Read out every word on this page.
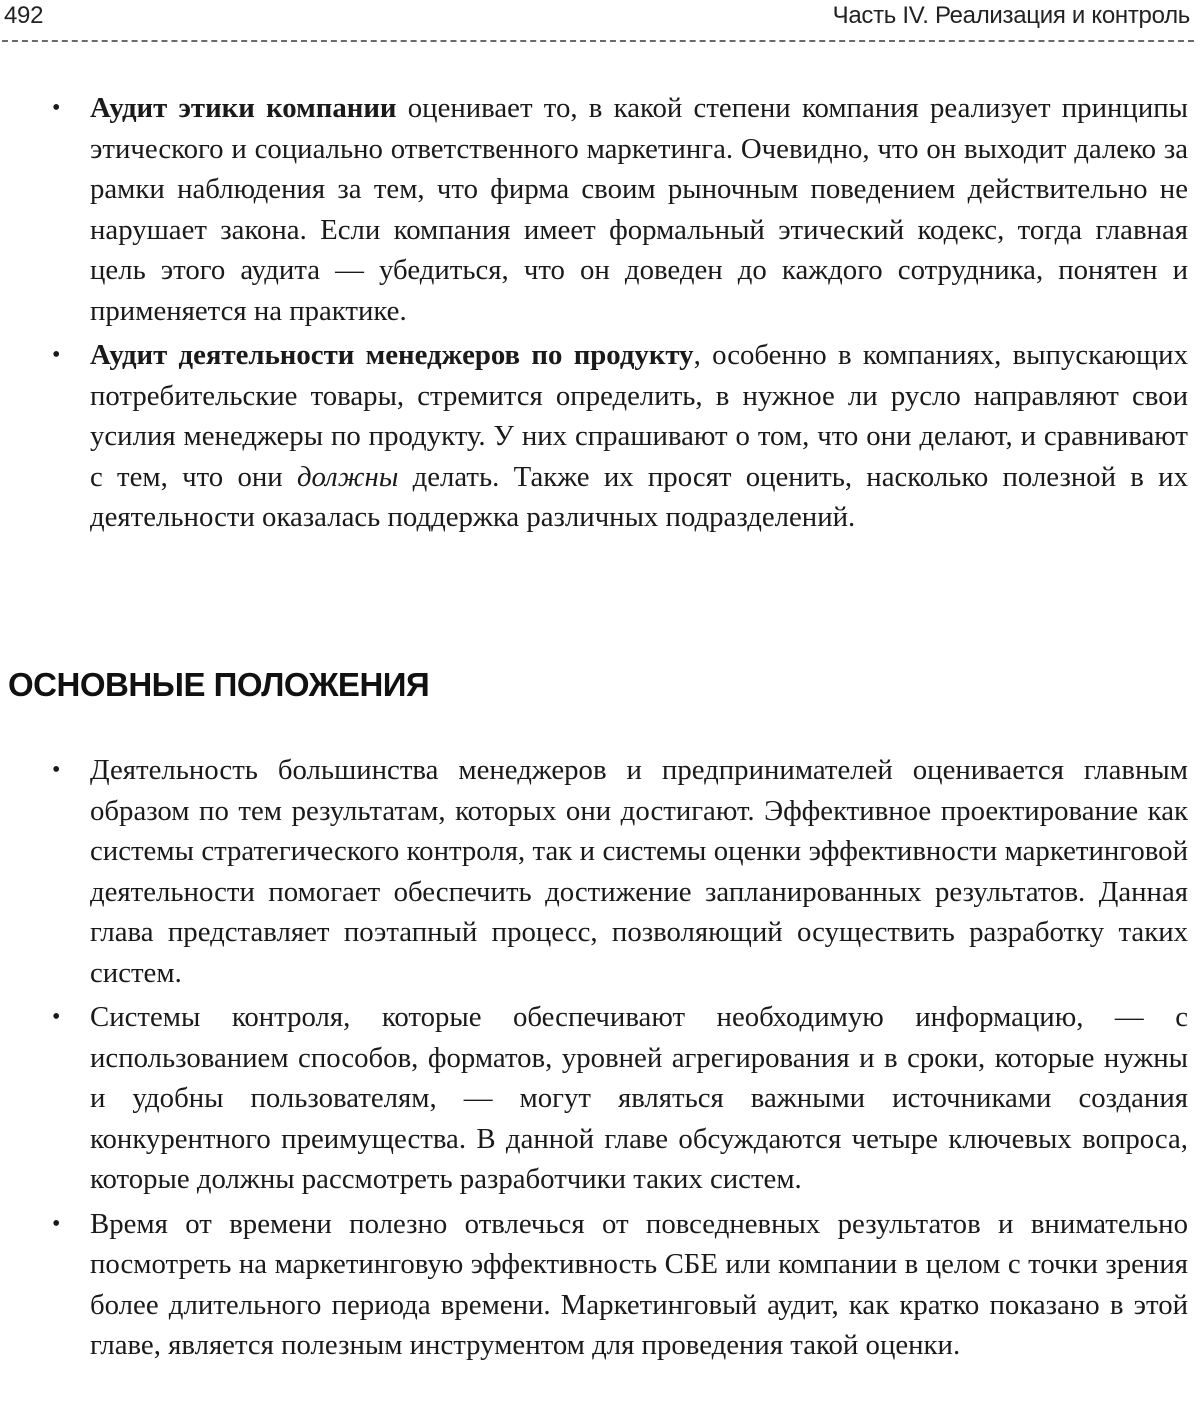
492	Часть IV. Реализация и контроль
• Аудит этики компании оценивает то, в какой степени компания реализует принципы этического и социально ответственного маркетинга. Очевидно, что он выходит далеко за рамки наблюдения за тем, что фирма своим рыночным поведением действительно не нарушает закона. Если компания имеет формальный этический кодекс, тогда главная цель этого аудита — убедиться, что он доведен до каждого сотрудника, понятен и применяется на практике.
• Аудит деятельности менеджеров по продукту, особенно в компаниях, выпускающих потребительские товары, стремится определить, в нужное ли русло направляют свои усилия менеджеры по продукту. У них спрашивают о том, что они делают, и сравнивают с тем, что они должны делать. Также их просят оценить, насколько полезной в их деятельности оказалась поддержка различных подразделений.
ОСНОВНЫЕ ПОЛОЖЕНИЯ
• Деятельность большинства менеджеров и предпринимателей оценивается главным образом по тем результатам, которых они достигают. Эффективное проектирование как системы стратегического контроля, так и системы оценки эффективности маркетинговой деятельности помогает обеспечить достижение запланированных результатов. Данная глава представляет поэтапный процесс, позволяющий осуществить разработку таких систем.
• Системы контроля, которые обеспечивают необходимую информацию, — с использованием способов, форматов, уровней агрегирования и в сроки, которые нужны и удобны пользователям, — могут являться важными источниками создания конкурентного преимущества. В данной главе обсуждаются четыре ключевых вопроса, которые должны рассмотреть разработчики таких систем.
• Время от времени полезно отвлечься от повседневных результатов и внимательно посмотреть на маркетинговую эффективность СБЕ или компании в целом с точки зрения более длительного периода времени. Маркетинговый аудит, как кратко показано в этой главе, является полезным инструментом для проведения такой оценки.
